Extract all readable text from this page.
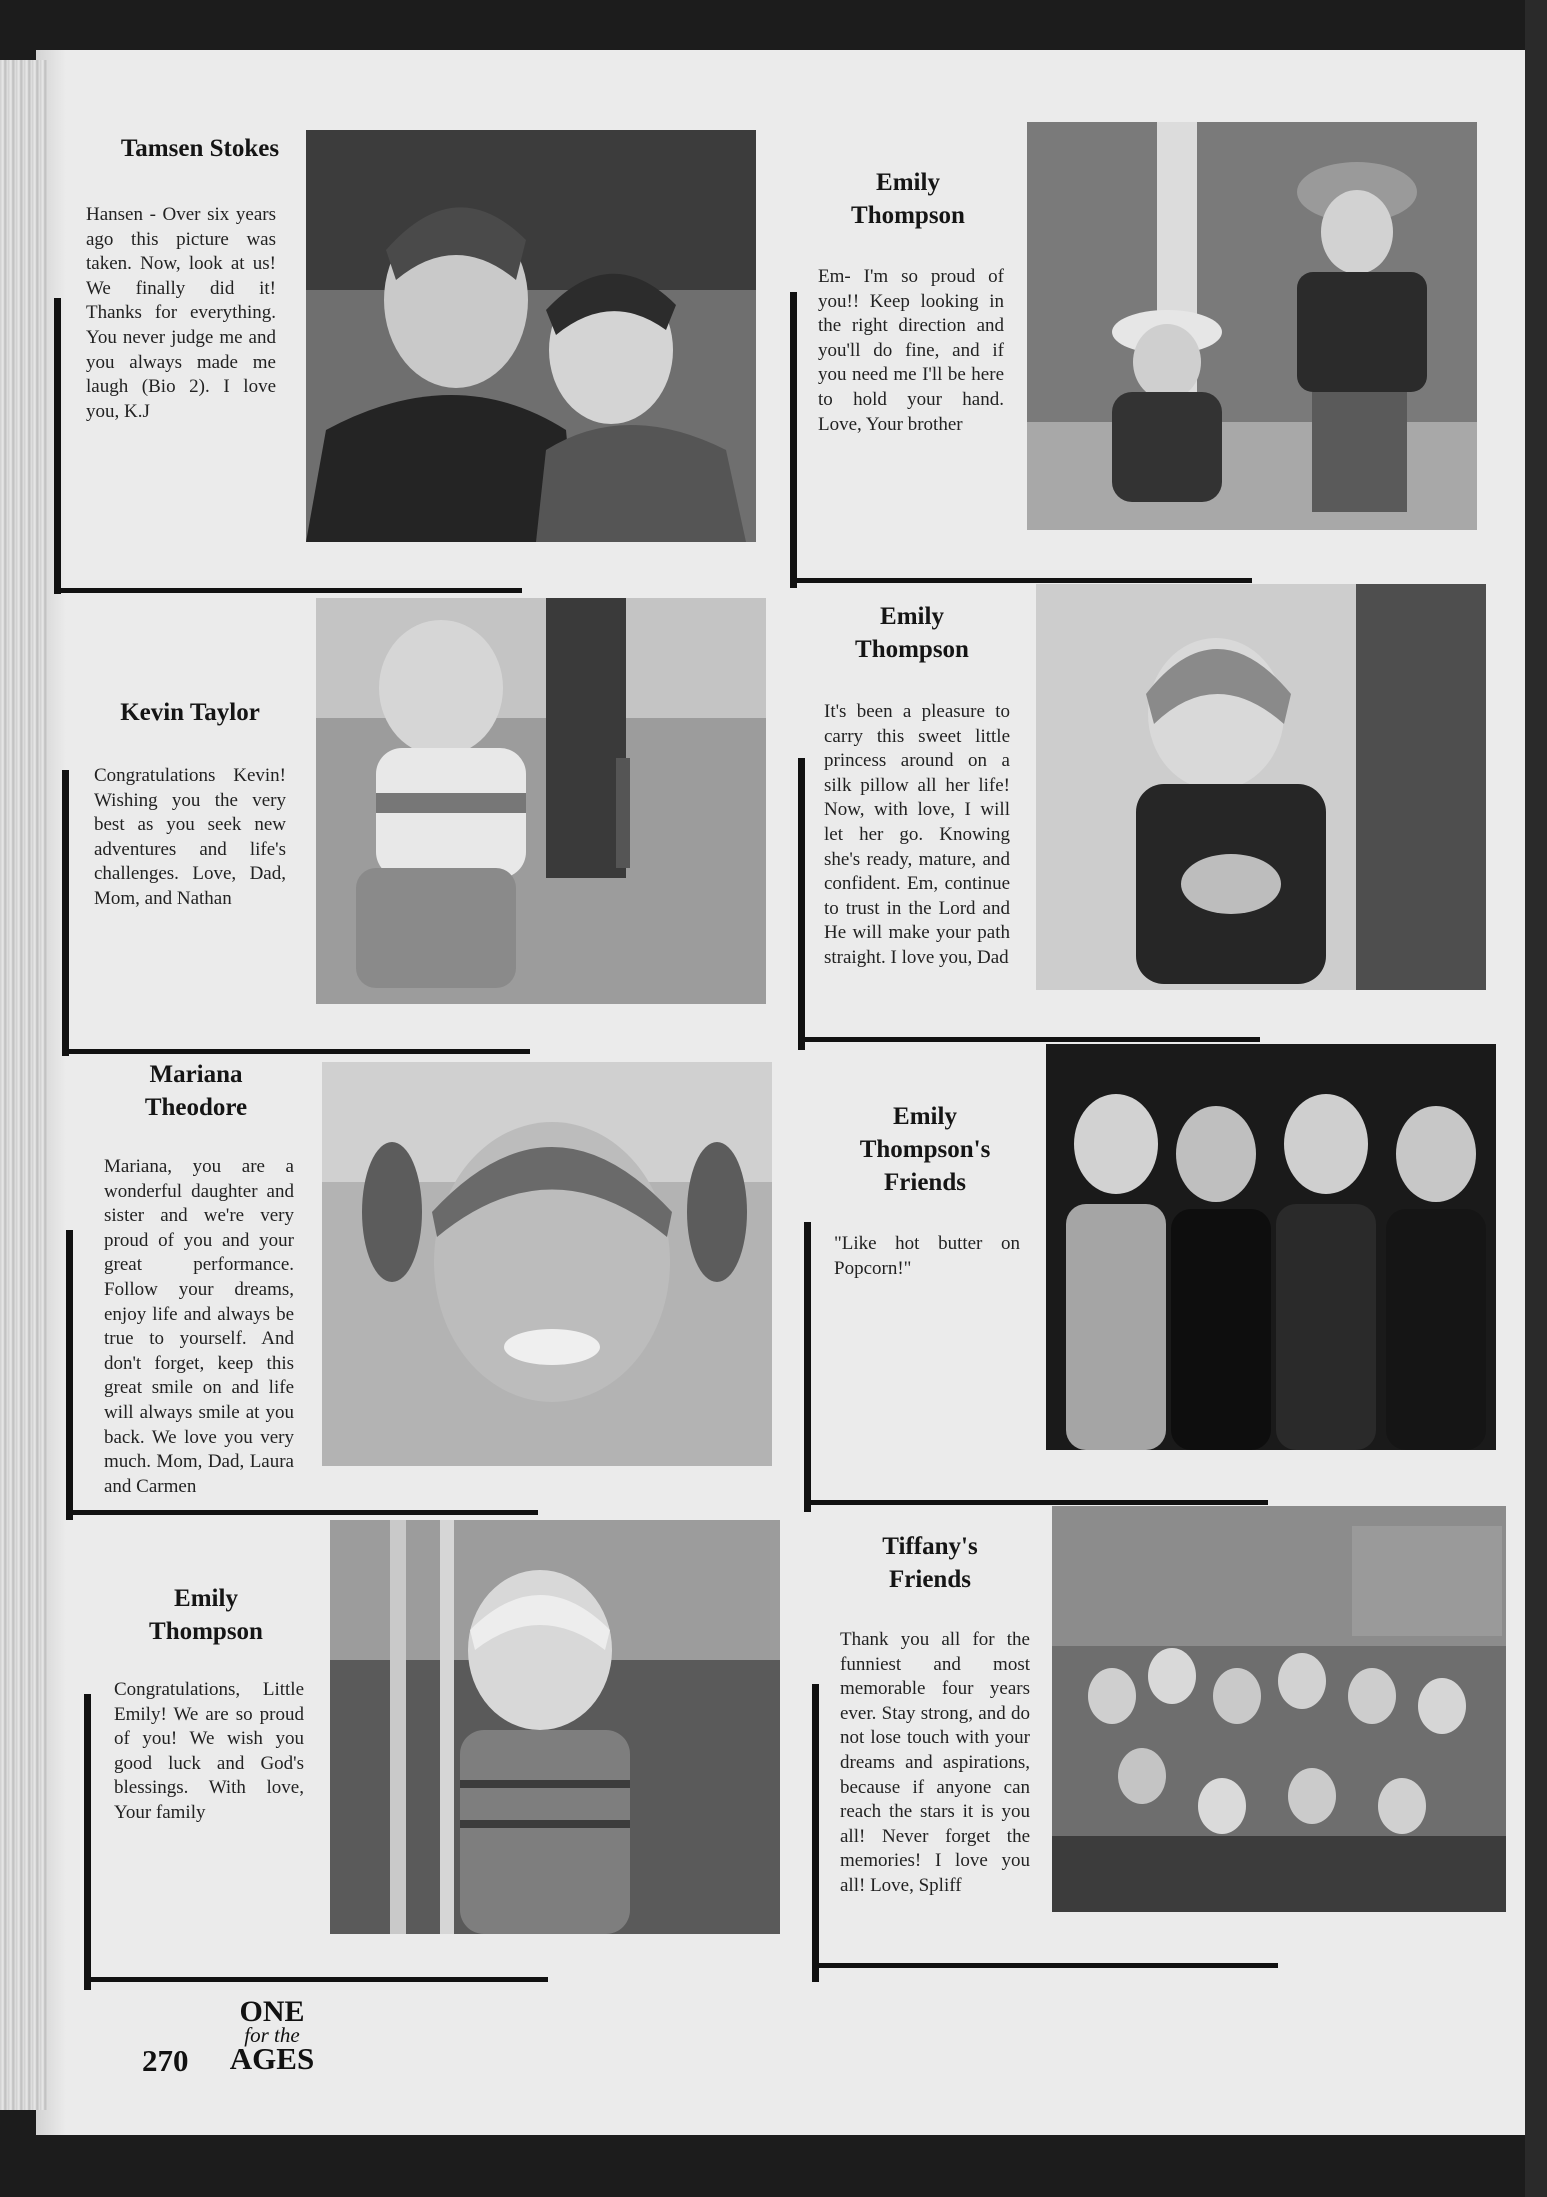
Tamsen Stokes
Hansen - Over six years ago this picture was taken. Now, look at us! We finally did it! Thanks for everything. You never judge me and you always made me laugh (Bio 2). I love you, K.J
Emily Thompson
Em- I'm so proud of you!! Keep looking in the right direction and you'll do fine, and if you need me I'll be here to hold your hand. Love, Your brother
Kevin Taylor
Congratulations Kevin! Wishing you the very best as you seek new adventures and life's challenges. Love, Dad, Mom, and Nathan
Emily Thompson
It's been a pleasure to carry this sweet little princess around on a silk pillow all her life! Now, with love, I will let her go. Knowing she's ready, mature, and confident. Em, continue to trust in the Lord and He will make your path straight. I love you, Dad
Mariana Theodore
Mariana, you are a wonderful daughter and sister and we're very proud of you and your great performance. Follow your dreams, enjoy life and always be true to yourself. And don't forget, keep this great smile on and life will always smile at you back. We love you very much. Mom, Dad, Laura and Carmen
Emily Thompson's Friends
"Like hot butter on Popcorn!"
Emily Thompson
Congratulations, Little Emily! We are so proud of you! We wish you good luck and God's blessings. With love, Your family
Tiffany's Friends
Thank you all for the funniest and most memorable four years ever. Stay strong, and do not lose touch with your dreams and aspirations, because if anyone can reach the stars it is you all! Never forget the memories! I love you all! Love, Spliff
270
ONE
for the
AGES
